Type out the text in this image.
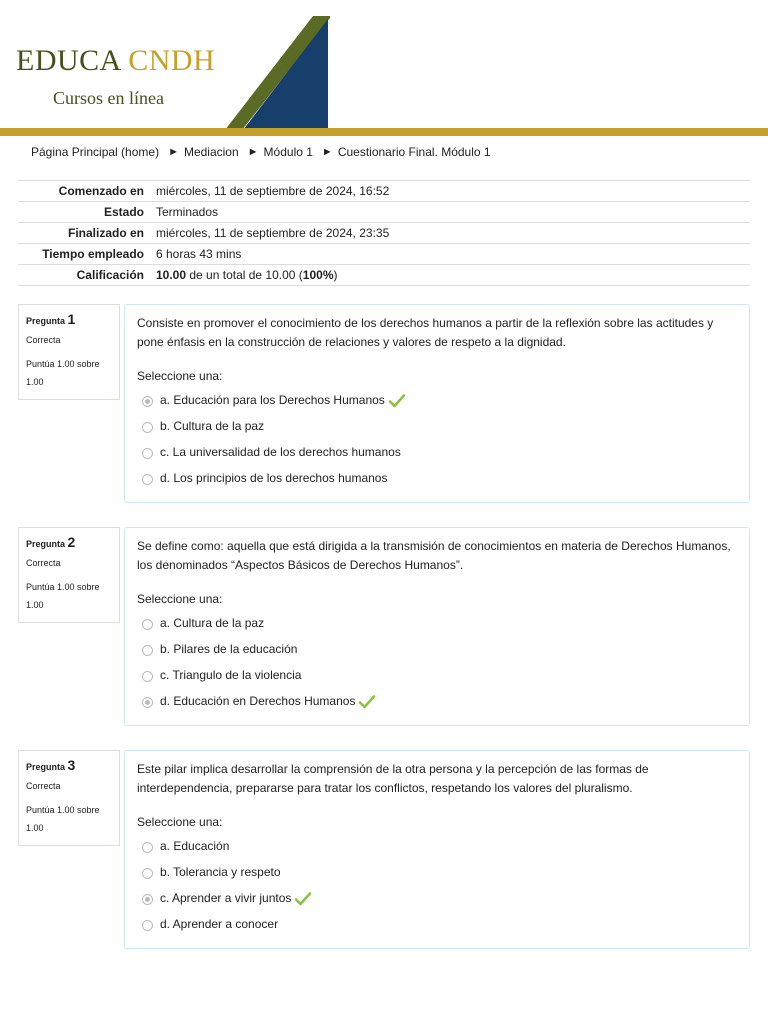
EDUCA CNDH
Cursos en línea
Página Principal (home) ► Mediacion ► Módulo 1 ► Cuestionario Final. Módulo 1
Comenzado en	miércoles, 11 de septiembre de 2024, 16:52
Estado	Terminados
Finalizado en	miércoles, 11 de septiembre de 2024, 23:35
Tiempo empleado	6 horas 43 mins
Calificación	10.00 de un total de 10.00 (100%)
Pregunta 1
Correcta
Puntúa 1.00 sobre 1.00
Consiste en promover el conocimiento de los derechos humanos a partir de la reflexión sobre las actitudes y pone énfasis en la construcción de relaciones y valores de respeto a la dignidad.
Seleccione una:
a. Educación para los Derechos Humanos
b. Cultura de la paz
c. La universalidad de los derechos humanos
d. Los principios de los derechos humanos
Pregunta 2
Correcta
Puntúa 1.00 sobre 1.00
Se define como: aquella que está dirigida a la transmisión de conocimientos en materia de Derechos Humanos, los denominados “Aspectos Básicos de Derechos Humanos”.
Seleccione una:
a. Cultura de la paz
b. Pilares de la educación
c. Triangulo de la violencia
d. Educación en Derechos Humanos
Pregunta 3
Correcta
Puntúa 1.00 sobre 1.00
Este pilar implica desarrollar la comprensión de la otra persona y la percepción de las formas de interdependencia, prepararse para tratar los conflictos, respetando los valores del pluralismo.
Seleccione una:
a. Educación
b. Tolerancia y respeto
c. Aprender a vivir juntos
d. Aprender a conocer
